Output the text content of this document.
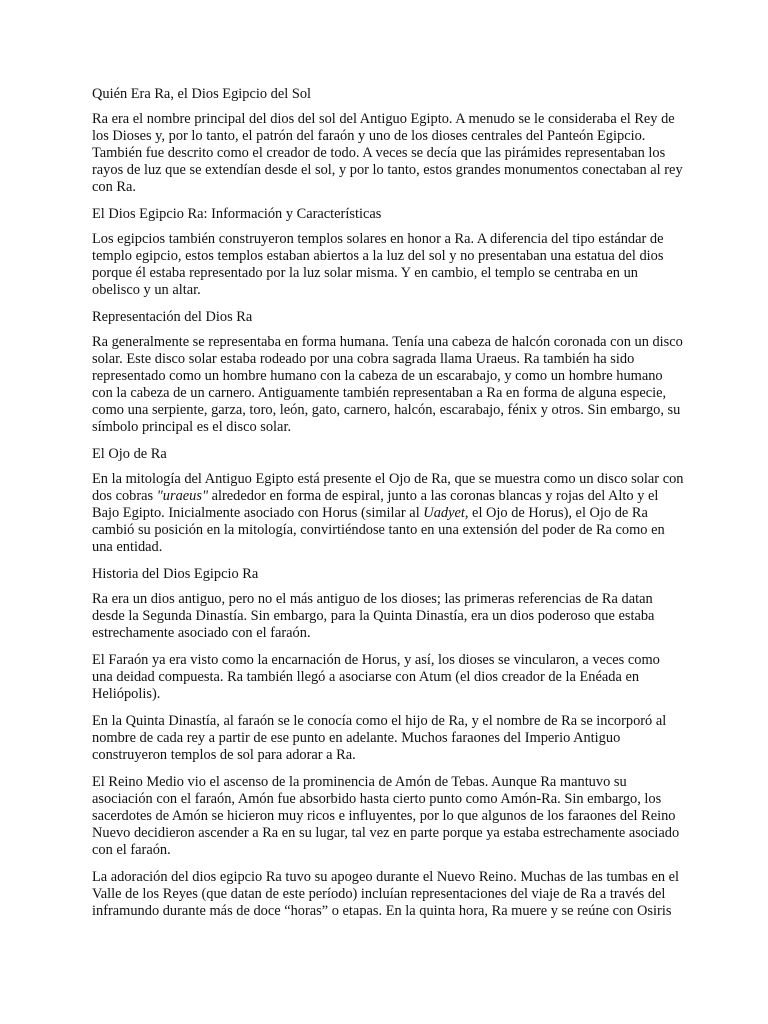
Quién Era Ra, el Dios Egipcio del Sol

Ra era el nombre principal del dios del sol del Antiguo Egipto. A menudo se le consideraba el Rey de los Dioses y, por lo tanto, el patrón del faraón y uno de los dioses centrales del Panteón Egipcio. También fue descrito como el creador de todo. A veces se decía que las pirámides representaban los rayos de luz que se extendían desde el sol, y por lo tanto, estos grandes monumentos conectaban al rey con Ra.

El Dios Egipcio Ra: Información y Características

Los egipcios también construyeron templos solares en honor a Ra. A diferencia del tipo estándar de templo egipcio, estos templos estaban abiertos a la luz del sol y no presentaban una estatua del dios porque él estaba representado por la luz solar misma. Y en cambio, el templo se centraba en un obelisco y un altar.

Representación del Dios Ra

Ra generalmente se representaba en forma humana. Tenía una cabeza de halcón coronada con un disco solar. Este disco solar estaba rodeado por una cobra sagrada llama Uraeus. Ra también ha sido representado como un hombre humano con la cabeza de un escarabajo, y como un hombre humano con la cabeza de un carnero. Antiguamente también representaban a Ra en forma de alguna especie, como una serpiente, garza, toro, león, gato, carnero, halcón, escarabajo, fénix y otros. Sin embargo, su símbolo principal es el disco solar.

El Ojo de Ra

En la mitología del Antiguo Egipto está presente el Ojo de Ra, que se muestra como un disco solar con dos cobras "uraeus" alrededor en forma de espiral, junto a las coronas blancas y rojas del Alto y el Bajo Egipto. Inicialmente asociado con Horus (similar al Uadyet, el Ojo de Horus), el Ojo de Ra cambió su posición en la mitología, convirtiéndose tanto en una extensión del poder de Ra como en una entidad.

Historia del Dios Egipcio Ra

Ra era un dios antiguo, pero no el más antiguo de los dioses; las primeras referencias de Ra datan desde la Segunda Dinastía. Sin embargo, para la Quinta Dinastía, era un dios poderoso que estaba estrechamente asociado con el faraón.

El Faraón ya era visto como la encarnación de Horus, y así, los dioses se vincularon, a veces como una deidad compuesta. Ra también llegó a asociarse con Atum (el dios creador de la Enéada en Heliópolis).

En la Quinta Dinastía, al faraón se le conocía como el hijo de Ra, y el nombre de Ra se incorporó al nombre de cada rey a partir de ese punto en adelante. Muchos faraones del Imperio Antiguo construyeron templos de sol para adorar a Ra.

El Reino Medio vio el ascenso de la prominencia de Amón de Tebas. Aunque Ra mantuvo su asociación con el faraón, Amón fue absorbido hasta cierto punto como Amón-Ra. Sin embargo, los sacerdotes de Amón se hicieron muy ricos e influyentes, por lo que algunos de los faraones del Reino Nuevo decidieron ascender a Ra en su lugar, tal vez en parte porque ya estaba estrechamente asociado con el faraón.

La adoración del dios egipcio Ra tuvo su apogeo durante el Nuevo Reino. Muchas de las tumbas en el Valle de los Reyes (que datan de este período) incluían representaciones del viaje de Ra a través del inframundo durante más de doce “horas” o etapas. En la quinta hora, Ra muere y se reúne con Osiris
